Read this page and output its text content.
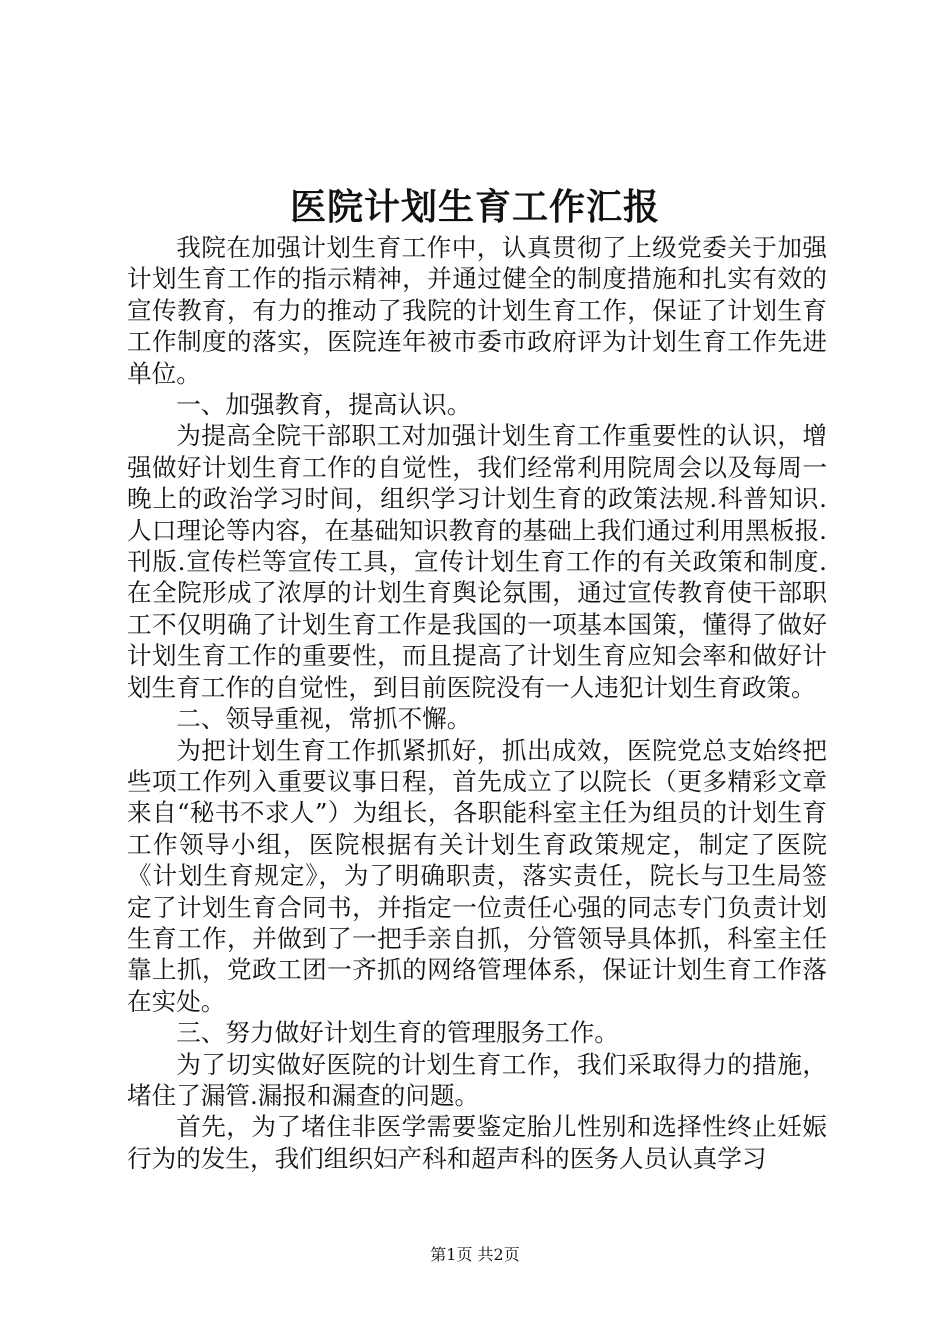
医院计划生育工作汇报

我院在加强计划生育工作中，认真贯彻了上级党委关于加强计划生育工作的指示精神，并通过健全的制度措施和扎实有效的宣传教育，有力的推动了我院的计划生育工作，保证了计划生育工作制度的落实，医院连年被市委市政府评为计划生育工作先进单位。

一、加强教育，提高认识。

为提高全院干部职工对加强计划生育工作重要性的认识，增强做好计划生育工作的自觉性，我们经常利用院周会以及每周一晚上的政治学习时间，组织学习计划生育的政策法规.科普知识.人口理论等内容，在基础知识教育的基础上我们通过利用黑板报.刊版.宣传栏等宣传工具，宣传计划生育工作的有关政策和制度.在全院形成了浓厚的计划生育舆论氛围，通过宣传教育使干部职工不仅明确了计划生育工作是我国的一项基本国策，懂得了做好计划生育工作的重要性，而且提高了计划生育应知会率和做好计划生育工作的自觉性，到目前医院没有一人违犯计划生育政策。

二、领导重视，常抓不懈。

为把计划生育工作抓紧抓好，抓出成效，医院党总支始终把些项工作列入重要议事日程，首先成立了以院长（更多精彩文章来自“秘书不求人”）为组长，各职能科室主任为组员的计划生育工作领导小组，医院根据有关计划生育政策规定，制定了医院《计划生育规定》，为了明确职责，落实责任，院长与卫生局签定了计划生育合同书，并指定一位责任心强的同志专门负责计划生育工作，并做到了一把手亲自抓，分管领导具体抓，科室主任靠上抓，党政工团一齐抓的网络管理体系，保证计划生育工作落在实处。

三、努力做好计划生育的管理服务工作。

为了切实做好医院的计划生育工作，我们采取得力的措施，堵住了漏管.漏报和漏查的问题。

首先，为了堵住非医学需要鉴定胎儿性别和选择性终止妊娠行为的发生，我们组织妇产科和超声科的医务人员认真学习

第1页 共2页
